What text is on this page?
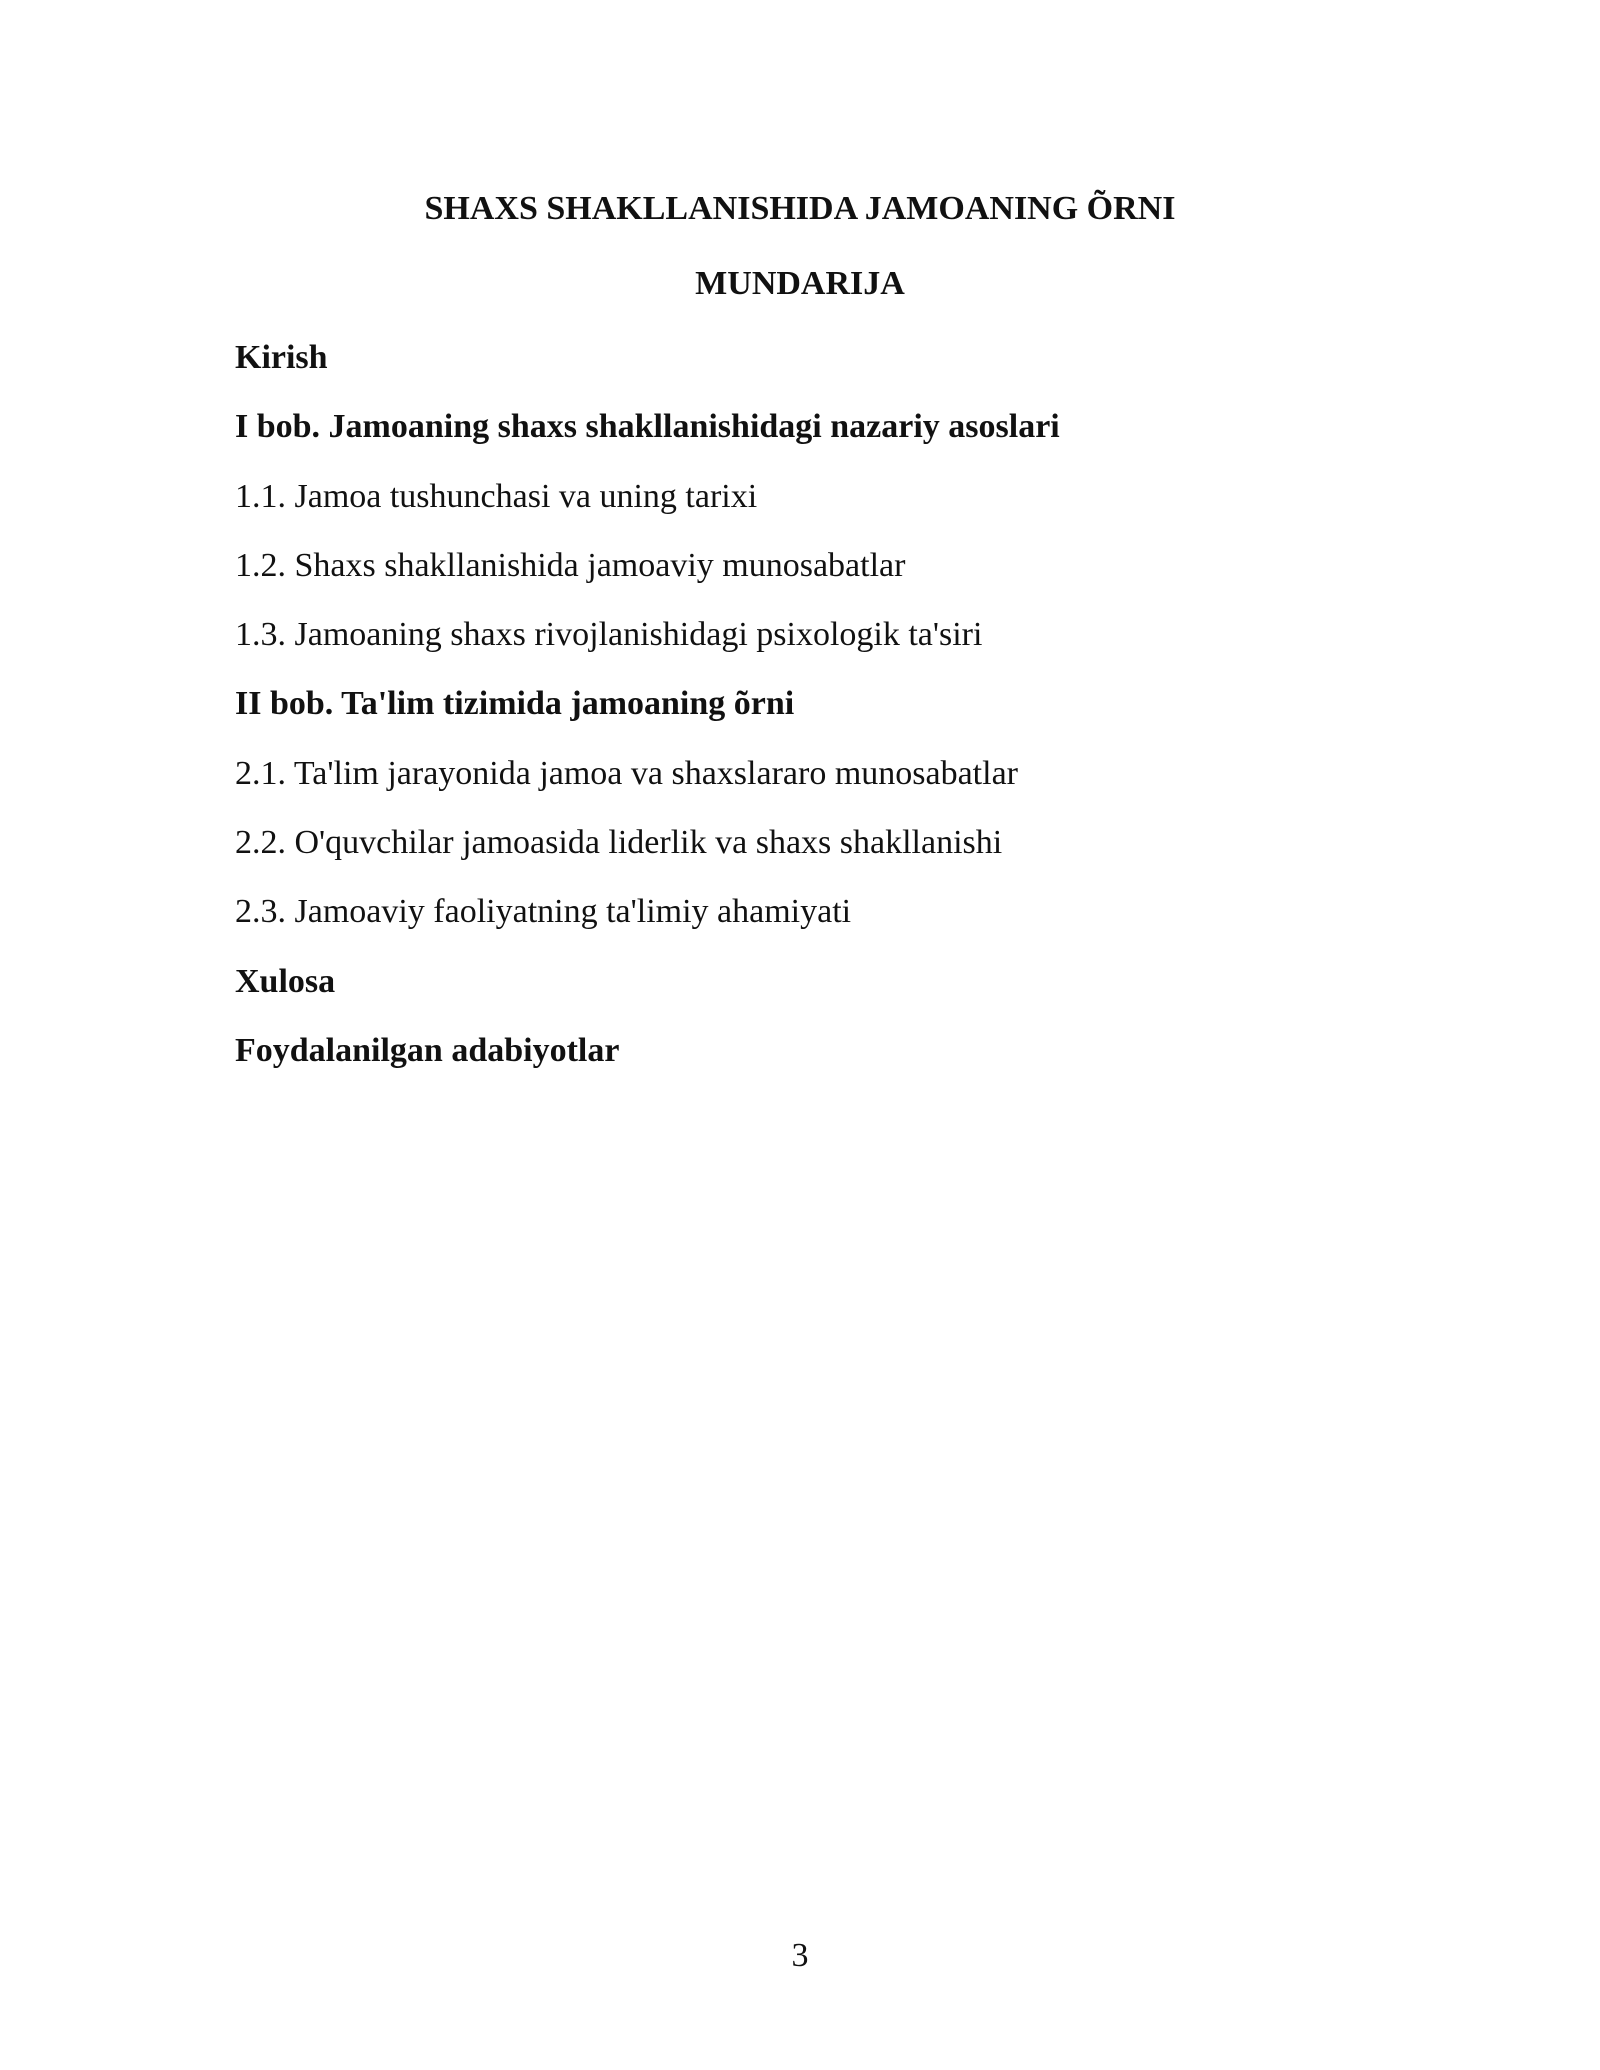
SHAXS SHAKLLANISHIDA JAMOANING ÕRNI
MUNDARIJA
Kirish
I bob. Jamoaning shaxs shakllanishidagi nazariy asoslari
1.1. Jamoa tushunchasi va uning tarixi
1.2. Shaxs shakllanishida jamoaviy munosabatlar
1.3. Jamoaning shaxs rivojlanishidagi psixologik ta'siri
II bob. Ta'lim tizimida jamoaning õrni
2.1. Ta'lim jarayonida jamoa va shaxslararo munosabatlar
2.2. O'quvchilar jamoasida liderlik va shaxs shakllanishi
2.3. Jamoaviy faoliyatning ta'limiy ahamiyati
Xulosa
Foydalanilgan adabiyotlar
3
